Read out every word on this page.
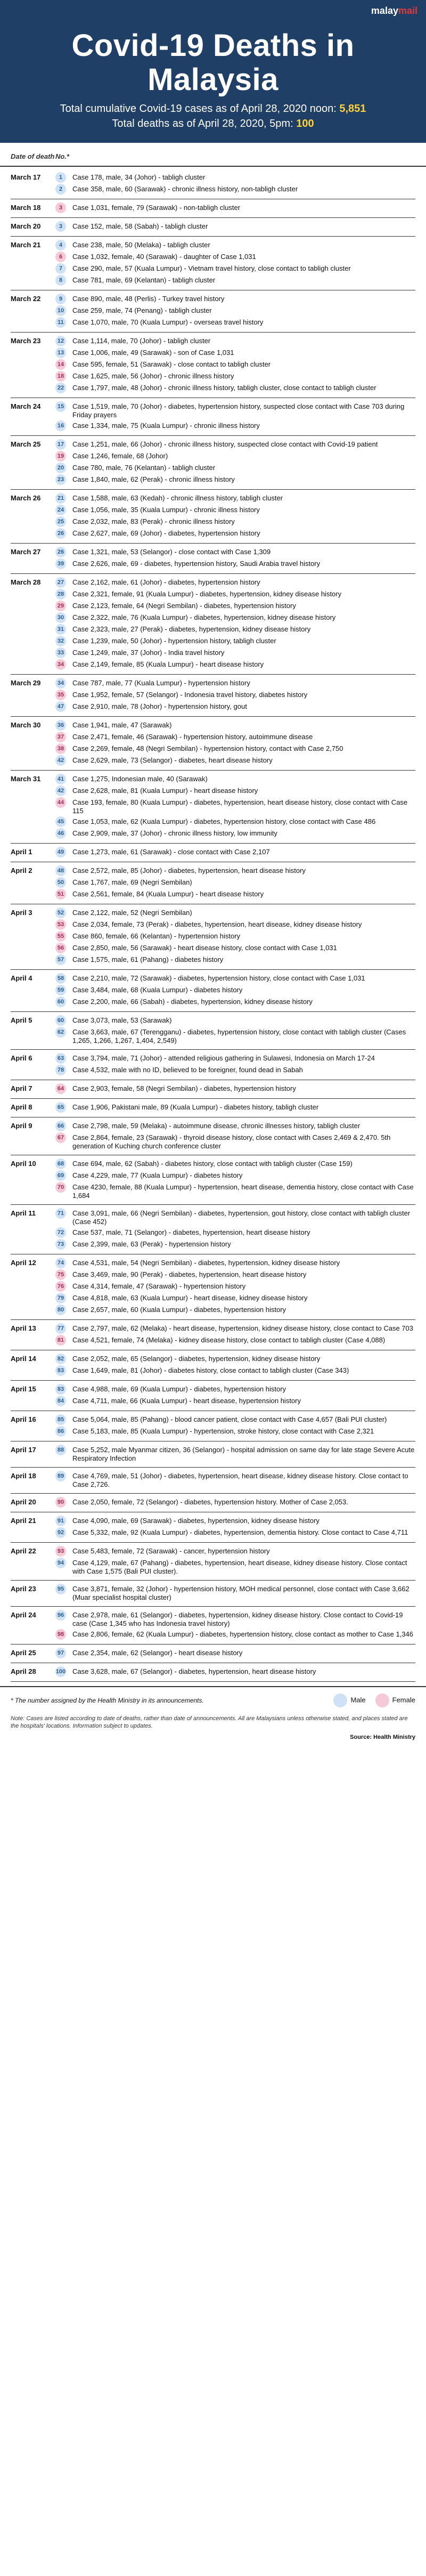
malaymail
Covid-19 Deaths in Malaysia
Total cumulative Covid-19 cases as of April 28, 2020 noon: 5,851
Total deaths as of April 28, 2020, 5pm: 100
Date of death No.*
March 17	1	Case 178, male, 34 (Johor) - tabligh cluster
2	Case 358, male, 60 (Sarawak) - chronic illness history, non-tabligh cluster
March 18	3	Case 1,031, female, 79 (Sarawak) - non-tabligh cluster
March 20	3	Case 152, male, 58 (Sabah) - tabligh cluster
March 21	4	Case 238, male, 50 (Melaka) - tabligh cluster
6	Case 1,032, female, 40 (Sarawak) - daughter of Case 1,031
7	Case 290, male, 57 (Kuala Lumpur) - Vietnam travel history, close contact to tabligh cluster
8	Case 781, male, 69 (Kelantan) - tabligh cluster
March 22	9	Case 890, male, 48 (Perlis) - Turkey travel history
10 Case 259, male, 74 (Penang) - tabligh cluster
11	Case 1,070, male, 70 (Kuala Lumpur) - overseas travel history
March 23	12 Case 1,114, male, 70 (Johor) - tabligh cluster
13 Case 1,006, male, 49 (Sarawak) - son of Case 1,031
14 Case 595, female, 51 (Sarawak) - close contact to tabligh cluster
18 Case 1,625, male, 56 (Johor) - chronic illness history
22 Case 1,797, male, 48 (Johor) - chronic illness history, tabligh cluster, close contact to tabligh cluster
March 24	15 Case 1,519, male, 70 (Johor) - diabetes, hypertension history, suspected close contact with Case 703 during Friday prayers
16 Case 1,334, male, 75 (Kuala Lumpur) - chronic illness history
March 25	17 Case 1,251, male, 66 (Johor) - chronic illness history, suspected close contact with Covid-19 patient
19 Case 1,246, female, 68 (Johor)
20 Case 780, male, 76 (Kelantan) - tabligh cluster
23 Case 1,840, male, 62 (Perak) - chronic illness history
March 26	21 Case 1,588, male, 63 (Kedah) - chronic illness history, tabligh cluster
24 Case 1,056, male, 35 (Kuala Lumpur) - chronic illness history
25 Case 2,032, male, 83 (Perak) - chronic illness history
26 Case 2,627, male, 69 (Johor) - diabetes, hypertension history
March 27	26 Case 1,321, male, 53 (Selangor) - close contact with Case 1,309
39 Case 2,626, male, 69 - diabetes, hypertension history, Saudi Arabia travel history
March 28	27 Case 2,162, male, 61 (Johor) - diabetes, hypertension history
28 Case 2,321, female, 91 (Kuala Lumpur) - diabetes, hypertension, kidney disease history
29 Case 2,123, female, 64 (Negri Sembilan) - diabetes, hypertension history
30 Case 2,322, male, 76 (Kuala Lumpur) - diabetes, hypertension, kidney disease history
31 Case 2,323, male, 27 (Perak) - diabetes, hypertension, kidney disease history
32 Case 1,239, male, 50 (Johor) - hypertension history, tabligh cluster
33 Case 1,249, male, 37 (Johor) - India travel history
34 Case 2,149, female, 85 (Kuala Lumpur) - heart disease history
March 29	34 Case 787, male, 77 (Kuala Lumpur) - hypertension history
35 Case 1,952, female, 57 (Selangor) - Indonesia travel history, diabetes history
47 Case 2,910, male, 78 (Johor) - hypertension history, gout
March 30	36 Case 1,941, male, 47 (Sarawak)
37 Case 2,471, female, 46 (Sarawak) - hypertension history, autoimmune disease
38 Case 2,269, female, 48 (Negri Sembilan) - hypertension history, contact with Case 2,750
42 Case 2,629, male, 73 (Selangor) - diabetes, heart disease history
March 31	41 Case 1,275, Indonesian male, 40 (Sarawak)
42 Case 2,628, male, 81 (Kuala Lumpur) - heart disease history
44 Case 193, female, 80 (Kuala Lumpur) - diabetes, hypertension, heart disease history, close contact with Case 115
45 Case 1,053, male, 62 (Kuala Lumpur) - diabetes, hypertension history, close contact with Case 486
46 Case 2,909, male, 37 (Johor) - chronic illness history, low immunity
April 1	49 Case 1,273, male, 61 (Sarawak) - close contact with Case 2,107
April 2	48 Case 2,572, male, 85 (Johor) - diabetes, hypertension, heart disease history
50 Case 1,767, male, 69 (Negri Sembilan)
51 Case 2,561, female, 84 (Kuala Lumpur) - heart disease history
April 3	52 Case 2,122, male, 52 (Negri Sembilan)
53 Case 2,034, female, 73 (Perak) - diabetes, hypertension, heart disease, kidney disease history
55 Case 860, female, 66 (Kelantan) - hypertension history
56 Case 2,850, male, 56 (Sarawak) - heart disease history, close contact with Case 1,031
57 Case 1,575, male, 61 (Pahang) - diabetes history
April 4	58 Case 2,210, male, 72 (Sarawak) - diabetes, hypertension history, close contact with Case 1,031
59 Case 3,484, male, 68 (Kuala Lumpur) - diabetes history
60 Case 2,200, male, 66 (Sabah) - diabetes, hypertension, kidney disease history
April 5	60 Case 3,073, male, 53 (Sarawak)
62 Case 3,663, male, 67 (Terengganu) - diabetes, hypertension history, close contact with tabligh cluster (Cases 1,265, 1,266, 1,267, 1,404, 2,549)
April 6	63 Case 3,794, male, 71 (Johor) - attended religious gathering in Sulawesi, Indonesia on March 17-24
78 Case 4,532, male with no ID, believed to be foreigner, found dead in Sabah
April 7	64 Case 2,903, female, 58 (Negri Sembilan) - diabetes, hypertension history
April 8	65 Case 1,906, Pakistani male, 89 (Kuala Lumpur) - diabetes history, tabligh cluster
April 9	66 Case 2,798, male, 59 (Melaka) - autoimmune disease, chronic illnesses history, tabligh cluster
67 Case 2,864, female, 23 (Sarawak) - thyroid disease history, close contact with Cases 2,469 & 2,470. 5th generation of Kuching church conference cluster
April 10	68 Case 694, male, 62 (Sabah) - diabetes history, close contact with tabligh cluster (Case 159)
69 Case 4,229, male, 77 (Kuala Lumpur) - diabetes history
70 Case 4230, female, 88 (Kuala Lumpur) - hypertension, heart disease, dementia history, close contact with Case 1,684
April 11	71 Case 3,091, male, 66 (Negri Sembilan) - diabetes, hypertension, gout history, close contact with tabligh cluster (Case 452)
72 Case 537, male, 71 (Selangor) - diabetes, hypertension, heart disease history
73 Case 2,399, male, 63 (Perak) - hypertension history
April 12	74 Case 4,531, male, 54 (Negri Sembilan) - diabetes, hypertension, kidney disease history
75 Case 3,469, male, 90 (Perak) - diabetes, hypertension, heart disease history
76 Case 4,314, female, 47 (Sarawak) - hypertension history
79 Case 4,818, male, 63 (Kuala Lumpur) - heart disease, kidney disease history
80 Case 2,657, male, 60 (Kuala Lumpur) - diabetes, hypertension history
April 13	77 Case 2,797, male, 62 (Melaka) - heart disease, hypertension, kidney disease history, close contact to Case 703
81 Case 4,521, female, 74 (Melaka) - kidney disease history, close contact to tabligh cluster (Case 4,088)
April 14	82 Case 2,052, male, 65 (Selangor) - diabetes, hypertension, kidney disease history
83 Case 1,649, male, 81 (Johor) - diabetes history, close contact to tabligh cluster (Case 343)
April 15	83 Case 4,988, male, 69 (Kuala Lumpur) - diabetes, hypertension history
84 Case 4,711, male, 66 (Kuala Lumpur) - heart disease, hypertension history
April 16	85 Case 5,064, male, 85 (Pahang) - blood cancer patient, close contact with Case 4,657 (Bali PUI cluster)
86 Case 5,183, male, 85 (Kuala Lumpur) - hypertension, stroke history, close contact with Case 2,321
April 17	88 Case 5,252, male Myanmar citizen, 36 (Selangor) - hospital admission on same day for late stage Severe Acute Respiratory Infection
April 18	89 Case 4,769, male, 51 (Johor) - diabetes, hypertension, heart disease, kidney disease history. Close contact to Case 2,726.
April 20	90 Case 2,050, female, 72 (Selangor) - diabetes, hypertension history. Mother of Case 2,053.
April 21	91 Case 4,090, male, 69 (Sarawak) - diabetes, hypertension, kidney disease history
92 Case 5,332, male, 92 (Kuala Lumpur) - diabetes, hypertension, dementia history. Close contact to Case 4,711
April 22	93 Case 5,483, female, 72 (Sarawak) - cancer, hypertension history
94 Case 4,129, male, 67 (Pahang) - diabetes, hypertension, heart disease, kidney disease history. Close contact with Case 1,575 (Bali PUI cluster).
April 23	95 Case 3,871, female, 32 (Johor) - hypertension history, MOH medical personnel, close contact with Case 3,662 (Muar specialist hospital cluster)
April 24	96 Case 2,978, male, 61 (Selangor) - diabetes, hypertension, kidney disease history. Close contact to Covid-19 case (Case 1,345 who has Indonesia travel history)
98 Case 2,806, female, 62 (Kuala Lumpur) - diabetes, hypertension history, close contact as mother to Case 1,346
April 25	97 Case 2,354, male, 62 (Selangor) - heart disease history
April 28	100 Case 3,628, male, 67 (Selangor) - diabetes, hypertension, heart disease history
* The number assigned by the Health Ministry in its announcements.	Male	Female
Note: Cases are listed according to date of deaths, rather than date of announcements. All are Malaysians unless otherwise stated, and places stated are the hospitals' locations. Information subject to updates.
Source: Health Ministry
